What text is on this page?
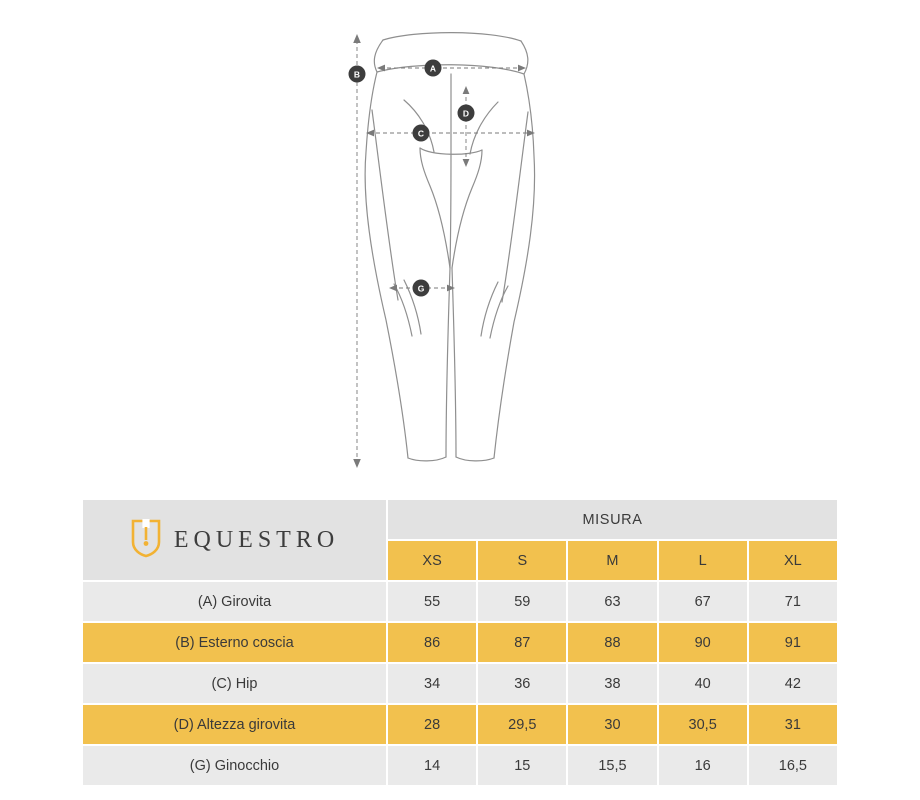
B
A
D
C
G
EQUESTRO	MISURA				
	XS	S	M	L	XL
(A) Girovita	55	59	63	67	71
(B) Esterno coscia	86	87	88	90	91
(C) Hip	34	36	38	40	42
(D) Altezza girovita	28	29,5	30	30,5	31
(G) Ginocchio	14	15	15,5	16	16,5
